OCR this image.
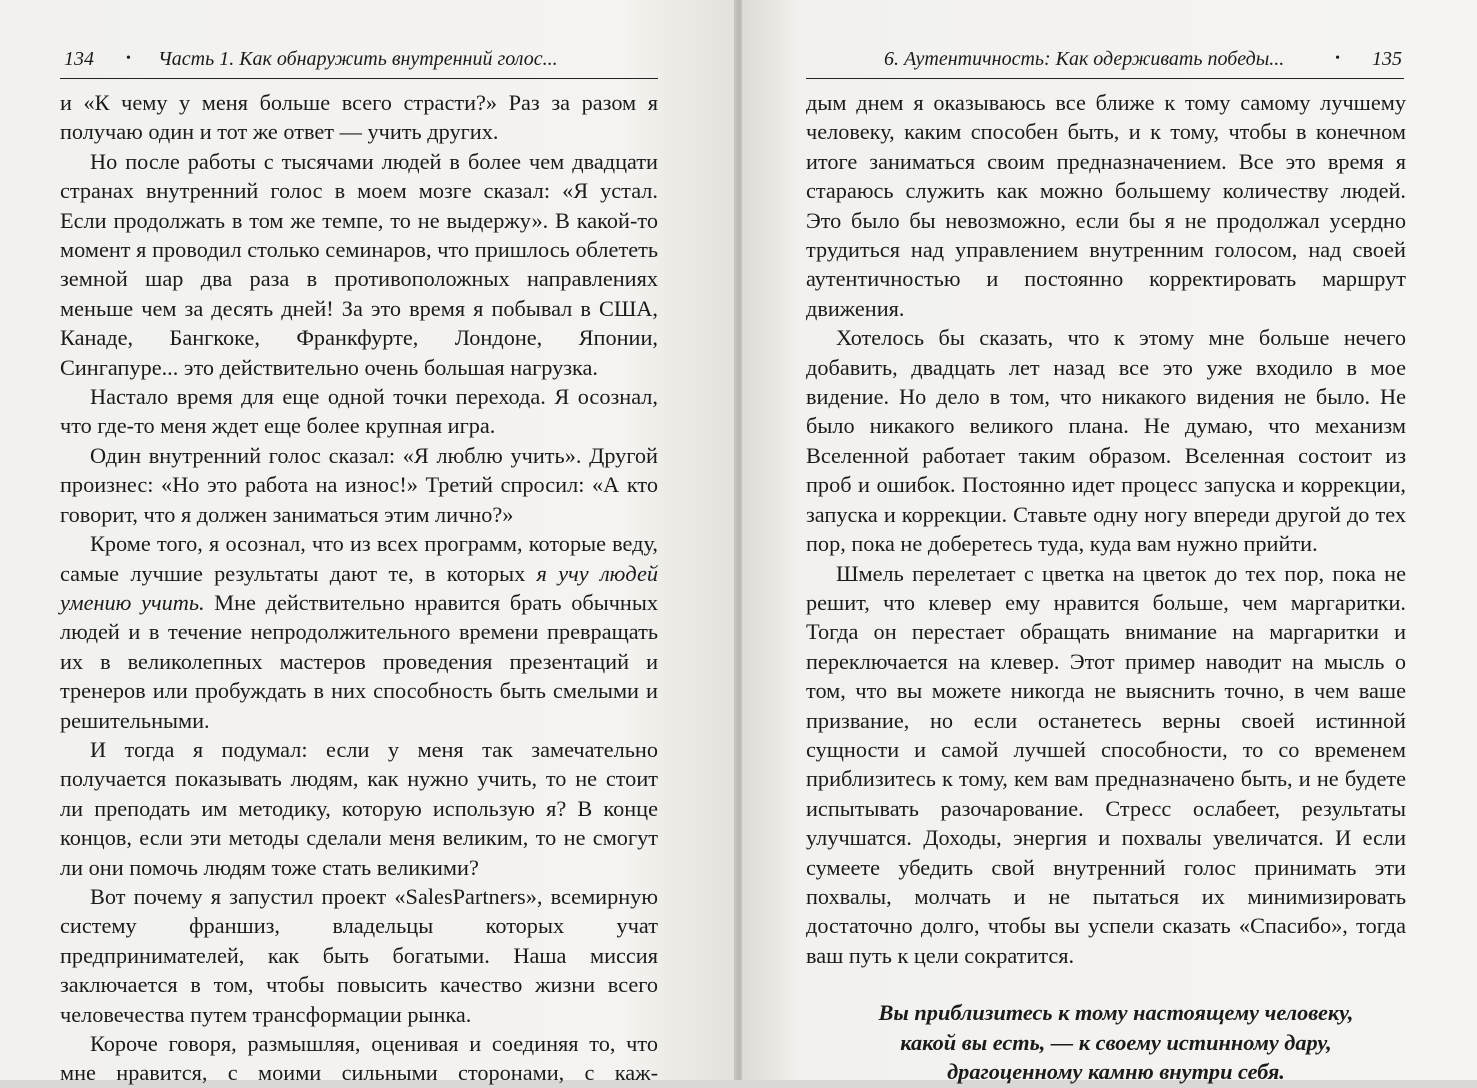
134 • Часть 1. Как обнаружить внутренний голос...

и «К чему у меня больше всего страсти?» Раз за разом я получаю один и тот же ответ — учить других.

Но после работы с тысячами людей в более чем двадцати странах внутренний голос в моем мозге сказал: «Я устал. Если продолжать в том же темпе, то не выдержу». В какой-то момент я проводил столько семинаров, что пришлось облететь земной шар два раза в противоположных направлениях меньше чем за десять дней! За это время я побывал в США, Канаде, Бангкоке, Франкфурте, Лондоне, Японии, Сингапуре... это действительно очень большая нагрузка.

Настало время для еще одной точки перехода. Я осознал, что где-то меня ждет еще более крупная игра.

Один внутренний голос сказал: «Я люблю учить». Другой произнес: «Но это работа на износ!» Третий спросил: «А кто говорит, что я должен заниматься этим лично?»

Кроме того, я осознал, что из всех программ, которые веду, самые лучшие результаты дают те, в которых я учу людей умению учить. Мне действительно нравится брать обычных людей и в течение непродолжительного времени превращать их в великолепных мастеров проведения презентаций и тренеров или пробуждать в них способность быть смелыми и решительными.

И тогда я подумал: если у меня так замечательно получается показывать людям, как нужно учить, то не стоит ли преподать им методику, которую использую я? В конце концов, если эти методы сделали меня великим, то не смогут ли они помочь людям тоже стать великими?

Вот почему я запустил проект «SalesPartners», всемирную систему франшиз, владельцы которых учат предпринимателей, как быть богатыми. Наша миссия заключается в том, чтобы повысить качество жизни всего человечества путем трансформации рынка.

Короче говоря, размышляя, оценивая и соединяя то, что мне нравится, с моими сильными сторонами, с каж-

6. Аутентичность: Как одерживать победы...	• 135

дым днем я оказываюсь все ближе к тому самому лучшему человеку, каким способен быть, и к тому, чтобы в конечном итоге заниматься своим предназначением. Все это время я стараюсь служить как можно большему количеству людей. Это было бы невозможно, если бы я не продолжал усердно трудиться над управлением внутренним голосом, над своей аутентичностью и постоянно корректировать маршрут движения.

Хотелось бы сказать, что к этому мне больше нечего добавить, двадцать лет назад все это уже входило в мое видение. Но дело в том, что никакого видения не было. Не было никакого великого плана. Не думаю, что механизм Вселенной работает таким образом. Вселенная состоит из проб и ошибок. Постоянно идет процесс запуска и коррекции, запуска и коррекции. Ставьте одну ногу впереди другой до тех пор, пока не доберетесь туда, куда вам нужно прийти.

Шмель перелетает с цветка на цветок до тех пор, пока не решит, что клевер ему нравится больше, чем маргаритки. Тогда он перестает обращать внимание на маргаритки и переключается на клевер. Этот пример наводит на мысль о том, что вы можете никогда не выяснить точно, в чем ваше призвание, но если останетесь верны своей истинной сущности и самой лучшей способности, то со временем приблизитесь к тому, кем вам предназначено быть, и не будете испытывать разочарование. Стресс ослабеет, результаты улучшатся. Доходы, энергия и похвалы увеличатся. И если сумеете убедить свой внутренний голос принимать эти похвалы, молчать и не пытаться их минимизировать достаточно долго, чтобы вы успели сказать «Спасибо», тогда ваш путь к цели сократится.

Вы приблизитесь к тому настоящему человеку,
какой вы есть, — к своему истинному дару,
драгоценному камню внутри себя.
